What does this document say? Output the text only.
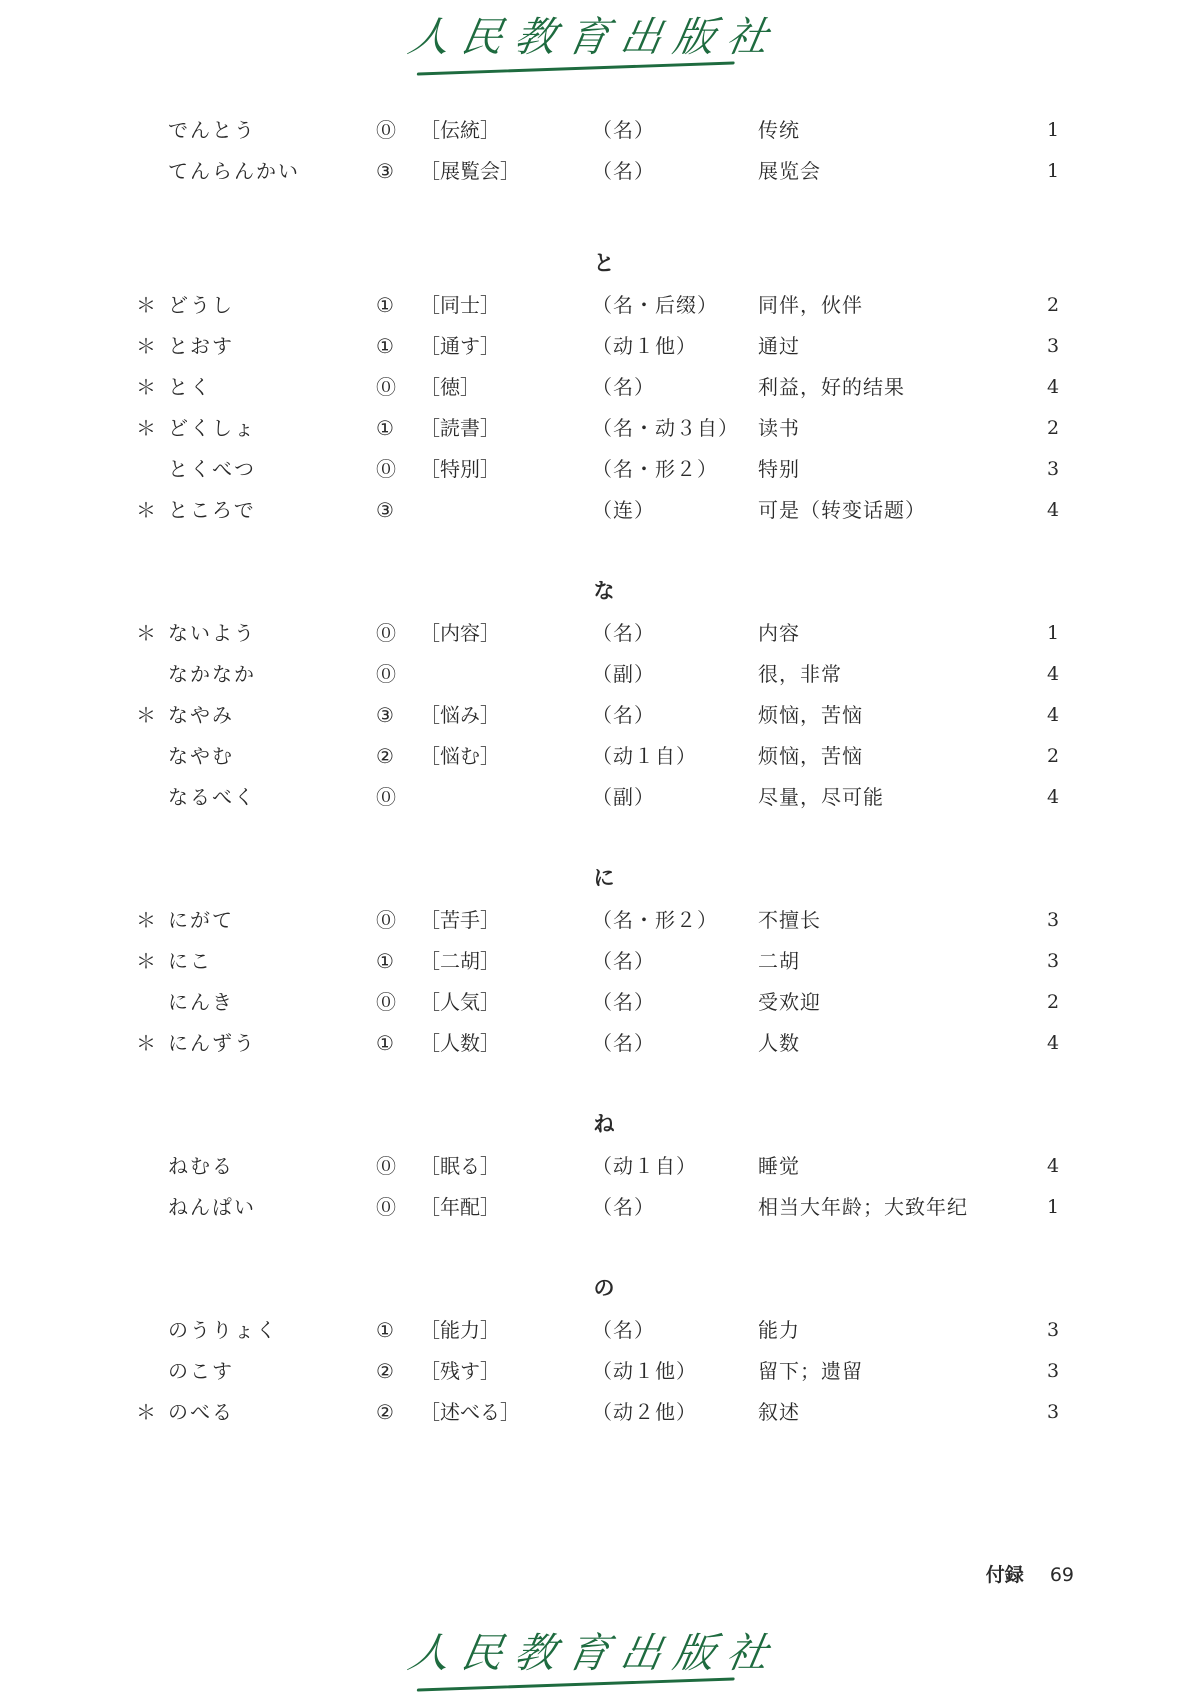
人民教育出版社
でんとう	⓪ ［伝統］	（名）	传统	1
てんらんかい	③ ［展覧会］	（名）	展览会	1
と
＊ どうし	① ［同士］	（名・后缀） 同伴，伙伴	2
＊ とおす	① ［通す］	（动１他）	通过	3
＊ とく	⓪ ［徳］	（名）	利益，好的结果	4
＊ どくしょ	① ［読書］	（名・动３自） 读书	2
とくべつ	⓪ ［特別］	（名・形２） 特别	3
＊ ところで	③	（连）	可是（转变话题）	4
な
＊ ないよう	⓪ ［内容］	（名）	内容	1
なかなか	⓪	（副）	很，非常	4
＊ なやみ	③ ［悩み］	（名）	烦恼，苦恼	4
なやむ	② ［悩む］	（动１自）	烦恼，苦恼	2
なるべく	⓪	（副）	尽量，尽可能	4
に
＊ にがて	⓪ ［苦手］	（名・形２） 不擅长	3
＊ にこ	① ［二胡］	（名）	二胡	3
にんき	⓪ ［人気］	（名）	受欢迎	2
＊ にんずう	① ［人数］	（名）	人数	4
ね
ねむる	⓪ ［眠る］	（动１自）	睡觉	4
ねんぱい	⓪ ［年配］	（名）	相当大年龄；大致年纪	1
の
のうりょく	① ［能力］	（名）	能力	3
のこす	② ［残す］	（动１他）	留下；遗留	3
＊ のべる	② ［述べる］	（动２他）	叙述	3
付録 69
人民教育出版社
